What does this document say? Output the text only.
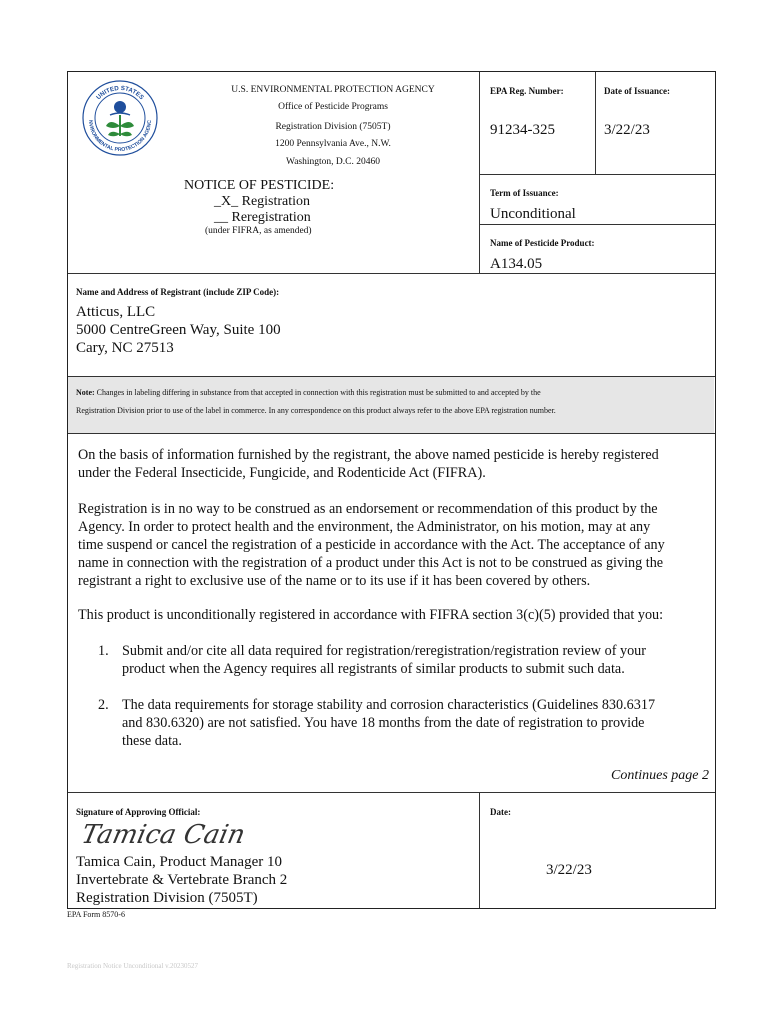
UNITED STATES
NVIRONMENTAL PROTECTION AGENC
U.S. ENVIRONMENTAL PROTECTION AGENCY
Office of Pesticide Programs
Registration Division (7505T)
1200 Pennsylvania Ave., N.W.
Washington, D.C. 20460
NOTICE OF PESTICIDE:
_X_ Registration
__ Reregistration
(under FIFRA, as amended)
EPA Reg. Number:	Date of Issuance:
91234-325	3/22/23
Term of Issuance:
Unconditional
Name of Pesticide Product:
A134.05
Name and Address of Registrant (include ZIP Code):
Atticus, LLC
5000 CentreGreen Way, Suite 100
Cary, NC 27513
Note: Changes in labeling differing in substance from that accepted in connection with this registration must be submitted to and accepted by the
Registration Division prior to use of the label in commerce. In any correspondence on this product always refer to the above EPA registration number.
On the basis of information furnished by the registrant, the above named pesticide is hereby registered
under the Federal Insecticide, Fungicide, and Rodenticide Act (FIFRA).
Registration is in no way to be construed as an endorsement or recommendation of this product by the
Agency. In order to protect health and the environment, the Administrator, on his motion, may at any
time suspend or cancel the registration of a pesticide in accordance with the Act. The acceptance of any
name in connection with the registration of a product under this Act is not to be construed as giving the
registrant a right to exclusive use of the name or to its use if it has been covered by others.
This product is unconditionally registered in accordance with FIFRA section 3(c)(5) provided that you:
1. Submit and/or cite all data required for registration/reregistration/registration review of your
product when the Agency requires all registrants of similar products to submit such data.
2. The data requirements for storage stability and corrosion characteristics (Guidelines 830.6317
and 830.6320) are not satisfied. You have 18 months from the date of registration to provide
these data.
Continues page 2
Signature of Approving Official:
Tamica Cain
Tamica Cain, Product Manager 10
Invertebrate & Vertebrate Branch 2
Registration Division (7505T)
Date:
3/22/23
EPA Form 8570-6
Registration Notice Unconditional v.20230527
